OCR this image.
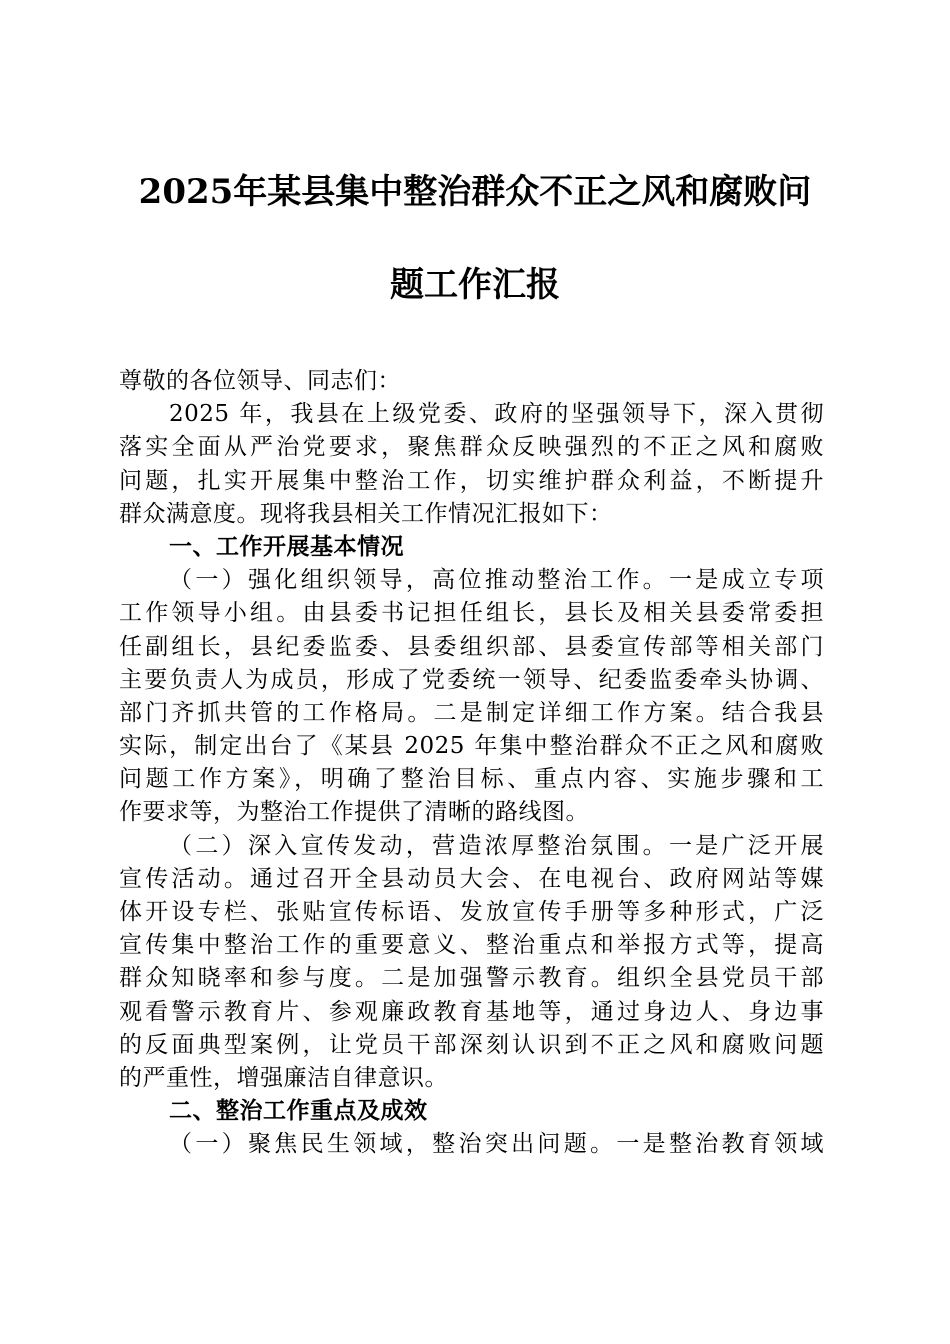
2025年某县集中整治群众不正之风和腐败问
题工作汇报
尊敬的各位领导、同志们：
2025 年，我县在上级党委、政府的坚强领导下，深入贯彻
落实全面从严治党要求，聚焦群众反映强烈的不正之风和腐败
问题，扎实开展集中整治工作，切实维护群众利益，不断提升
群众满意度。现将我县相关工作情况汇报如下：
一、工作开展基本情况
（一）强化组织领导，高位推动整治工作。一是成立专项
工作领导小组。由县委书记担任组长，县长及相关县委常委担
任副组长，县纪委监委、县委组织部、县委宣传部等相关部门
主要负责人为成员，形成了党委统一领导、纪委监委牵头协调、
部门齐抓共管的工作格局。二是制定详细工作方案。结合我县
实际，制定出台了《某县 2025 年集中整治群众不正之风和腐败
问题工作方案》，明确了整治目标、重点内容、实施步骤和工
作要求等，为整治工作提供了清晰的路线图。
（二）深入宣传发动，营造浓厚整治氛围。一是广泛开展
宣传活动。通过召开全县动员大会、在电视台、政府网站等媒
体开设专栏、张贴宣传标语、发放宣传手册等多种形式，广泛
宣传集中整治工作的重要意义、整治重点和举报方式等，提高
群众知晓率和参与度。二是加强警示教育。组织全县党员干部
观看警示教育片、参观廉政教育基地等，通过身边人、身边事
的反面典型案例，让党员干部深刻认识到不正之风和腐败问题
的严重性，增强廉洁自律意识。
二、整治工作重点及成效
（一）聚焦民生领域，整治突出问题。一是整治教育领域
